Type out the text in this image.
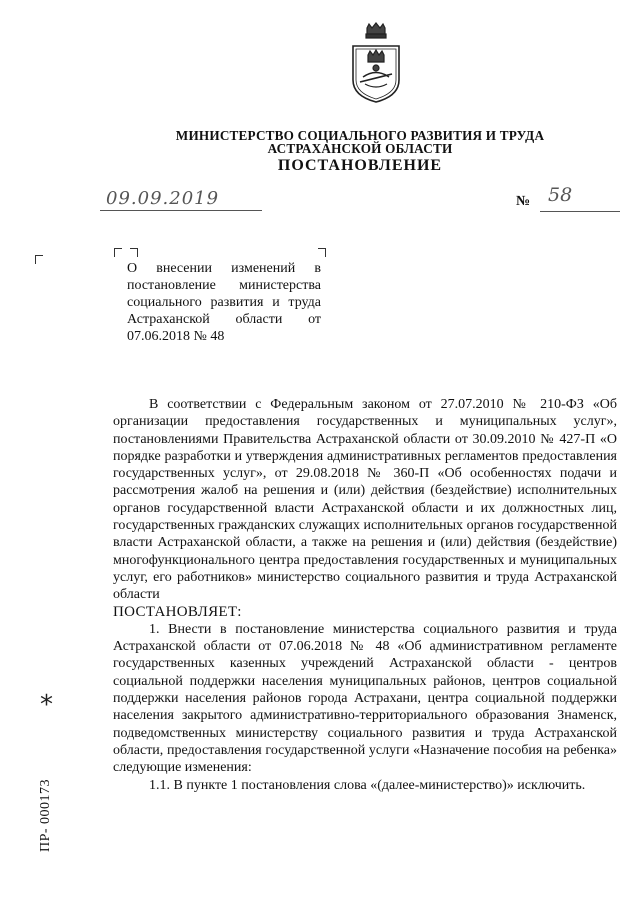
МИНИСТЕРСТВО СОЦИАЛЬНОГО РАЗВИТИЯ И ТРУДА
АСТРАХАНСКОЙ ОБЛАСТИ
ПОСТАНОВЛЕНИЕ
09.09.2019	№ 58
О внесении изменений в постановление министерства социального развития и труда Астраханской области от 07.06.2018 № 48

В соответствии с Федеральным законом от 27.07.2010 № 210-ФЗ «Об организации предоставления государственных и муниципальных услуг», постановлениями Правительства Астраханской области от 30.09.2010 № 427-П «О порядке разработки и утверждения административных регламентов предоставления государственных услуг», от 29.08.2018 № 360-П «Об особенностях подачи и рассмотрения жалоб на решения и (или) действия (бездействие) исполнительных органов государственной власти Астраханской области и их должностных лиц, государственных гражданских служащих исполнительных органов государственной власти Астраханской области, а также на решения и (или) действия (бездействие) многофункционального центра предоставления государственных и муниципальных услуг, его работников» министерство социального развития и труда Астраханской области

ПОСТАНОВЛЯЕТ:

1. Внести в постановление министерства социального развития и труда Астраханской области от 07.06.2018 № 48 «Об административном регламенте государственных казенных учреждений Астраханской области - центров социальной поддержки населения муниципальных районов, центров социальной поддержки населения районов города Астрахани, центра социальной поддержки населения закрытого административно-территориального образования Знаменск, подведомственных министерству социального развития и труда Астраханской области, предоставления государственной услуги «Назначение пособия на ребенка» следующие изменения:

1.1. В пункте 1 постановления слова «(далее-министерство)» исключить.

*
ПР- 000173
